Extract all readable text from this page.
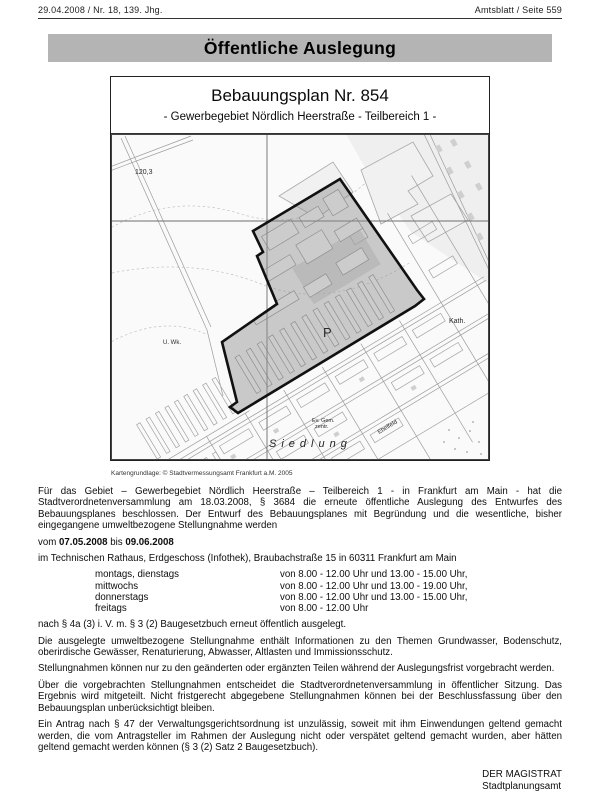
29.04.2008 / Nr. 18, 139. Jhg.	Amtsblatt / Seite 559
Öffentliche Auslegung
Bebauungsplan Nr. 854
- Gewerbegebiet Nördlich Heerstraße - Teilbereich 1 -
120,3
U. Wk.
P
Ev. Gem.
zentr.
Siedlung
Kath.
Ebelfeld
Kartengrundlage: © Stadtvermessungsamt Frankfurt a.M. 2005

Für das Gebiet – Gewerbegebiet Nördlich Heerstraße – Teilbereich 1 - in Frankfurt am Main - hat die Stadtverordnetenversammlung am 18.03.2008, § 3684 die erneute öffentliche Auslegung des Entwurfes des Bebauungsplanes beschlossen. Der Entwurf des Bebauungsplanes mit Begründung und die wesentliche, bisher eingegangene umweltbezogene Stellungnahme werden

vom 07.05.2008 bis 09.06.2008

im Technischen Rathaus, Erdgeschoss (Infothek), Braubachstraße 15 in 60311 Frankfurt am Main

montags, dienstags	von 8.00 - 12.00 Uhr und 13.00 - 15.00 Uhr,
mittwochs	von 8.00 - 12.00 Uhr und 13.00 - 19.00 Uhr,
donnerstags	von 8.00 - 12.00 Uhr und 13.00 - 15.00 Uhr,
freitags	von 8.00 - 12.00 Uhr

nach § 4a (3) i. V. m. § 3 (2) Baugesetzbuch erneut öffentlich ausgelegt.

Die ausgelegte umweltbezogene Stellungnahme enthält Informationen zu den Themen Grundwasser, Bodenschutz, oberirdische Gewässer, Renaturierung, Abwasser, Altlasten und Immissionsschutz.

Stellungnahmen können nur zu den geänderten oder ergänzten Teilen während der Auslegungsfrist vorgebracht werden.

Über die vorgebrachten Stellungnahmen entscheidet die Stadtverordnetenversammlung in öffentlicher Sitzung. Das Ergebnis wird mitgeteilt. Nicht fristgerecht abgegebene Stellungnahmen können bei der Beschlussfassung über den Bebauungsplan unberücksichtigt bleiben.

Ein Antrag nach § 47 der Verwaltungsgerichtsordnung ist unzulässig, soweit mit ihm Einwendungen geltend gemacht werden, die vom Antragsteller im Rahmen der Auslegung nicht oder verspätet geltend gemacht wurden, aber hätten geltend gemacht werden können (§ 3 (2) Satz 2 Baugesetzbuch).

DER MAGISTRAT
Stadtplanungsamt
